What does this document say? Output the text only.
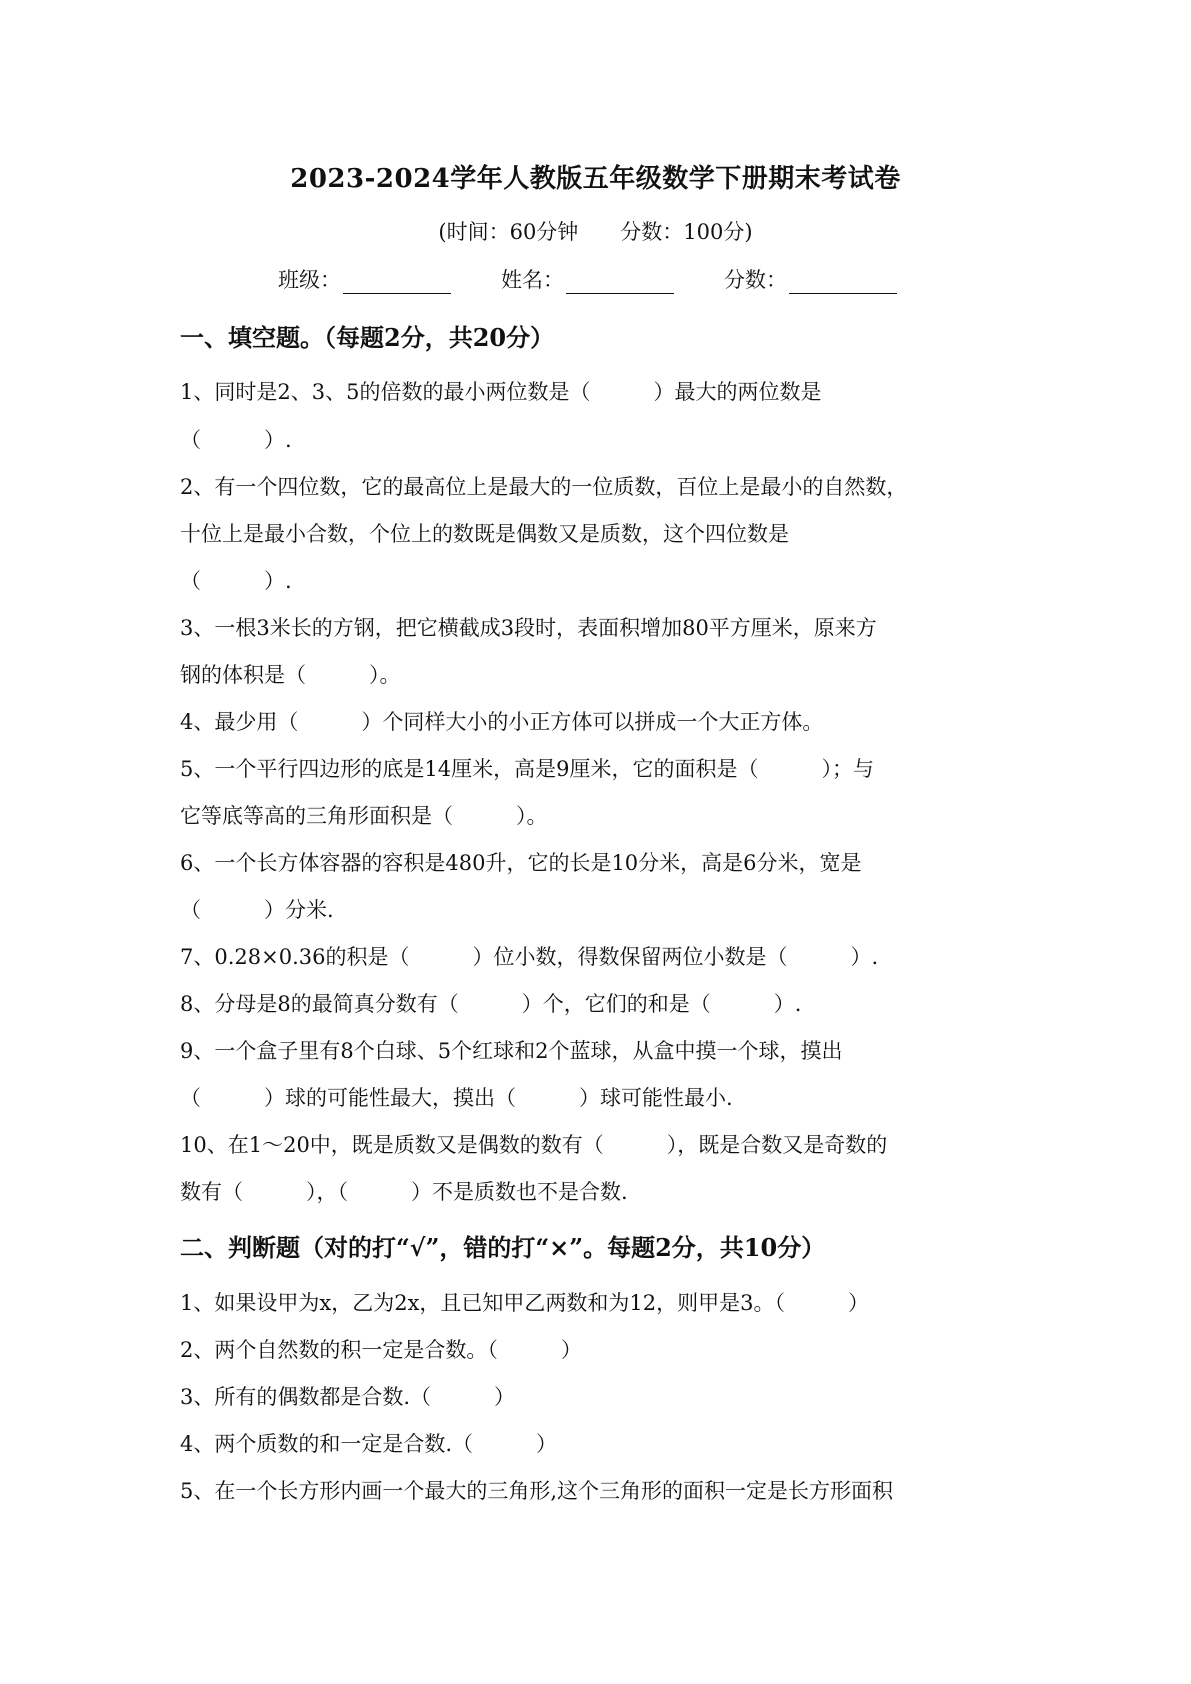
2023-2024学年人教版五年级数学下册期末考试卷
(时间：60分钟　　分数：100分)
班级：	姓名：	分数：
一、填空题。（每题2分，共20分）
1、同时是2、3、5的倍数的最小两位数是（　　　）最大的两位数是
（　　　）.
2、有一个四位数，它的最高位上是最大的一位质数，百位上是最小的自然数，
十位上是最小合数，个位上的数既是偶数又是质数，这个四位数是
（　　　）.
3、一根3米长的方钢，把它横截成3段时，表面积增加80平方厘米，原来方
钢的体积是（　　　）。
4、最少用（　　　）个同样大小的小正方体可以拼成一个大正方体。
5、一个平行四边形的底是14厘米，高是9厘米，它的面积是（　　　）；与
它等底等高的三角形面积是（　　　）。
6、一个长方体容器的容积是480升，它的长是10分米，高是6分米，宽是
（　　　）分米.
7、0.28×0.36的积是（　　　）位小数，得数保留两位小数是（　　　）.
8、分母是8的最简真分数有（　　　）个，它们的和是（　　　）.
9、一个盒子里有8个白球、5个红球和2个蓝球，从盒中摸一个球，摸出
（　　　）球的可能性最大，摸出（　　　）球可能性最小.
10、在1～20中，既是质数又是偶数的数有（　　　），既是合数又是奇数的
数有（　　　），（　　　）不是质数也不是合数.
二、判断题（对的打“√”，错的打“×”。每题2分，共10分）
1、如果设甲为x，乙为2x，且已知甲乙两数和为12，则甲是3。（　　　）
2、两个自然数的积一定是合数。（　　　）
3、所有的偶数都是合数.（　　　）
4、两个质数的和一定是合数.（　　　）
5、在一个长方形内画一个最大的三角形,这个三角形的面积一定是长方形面积
